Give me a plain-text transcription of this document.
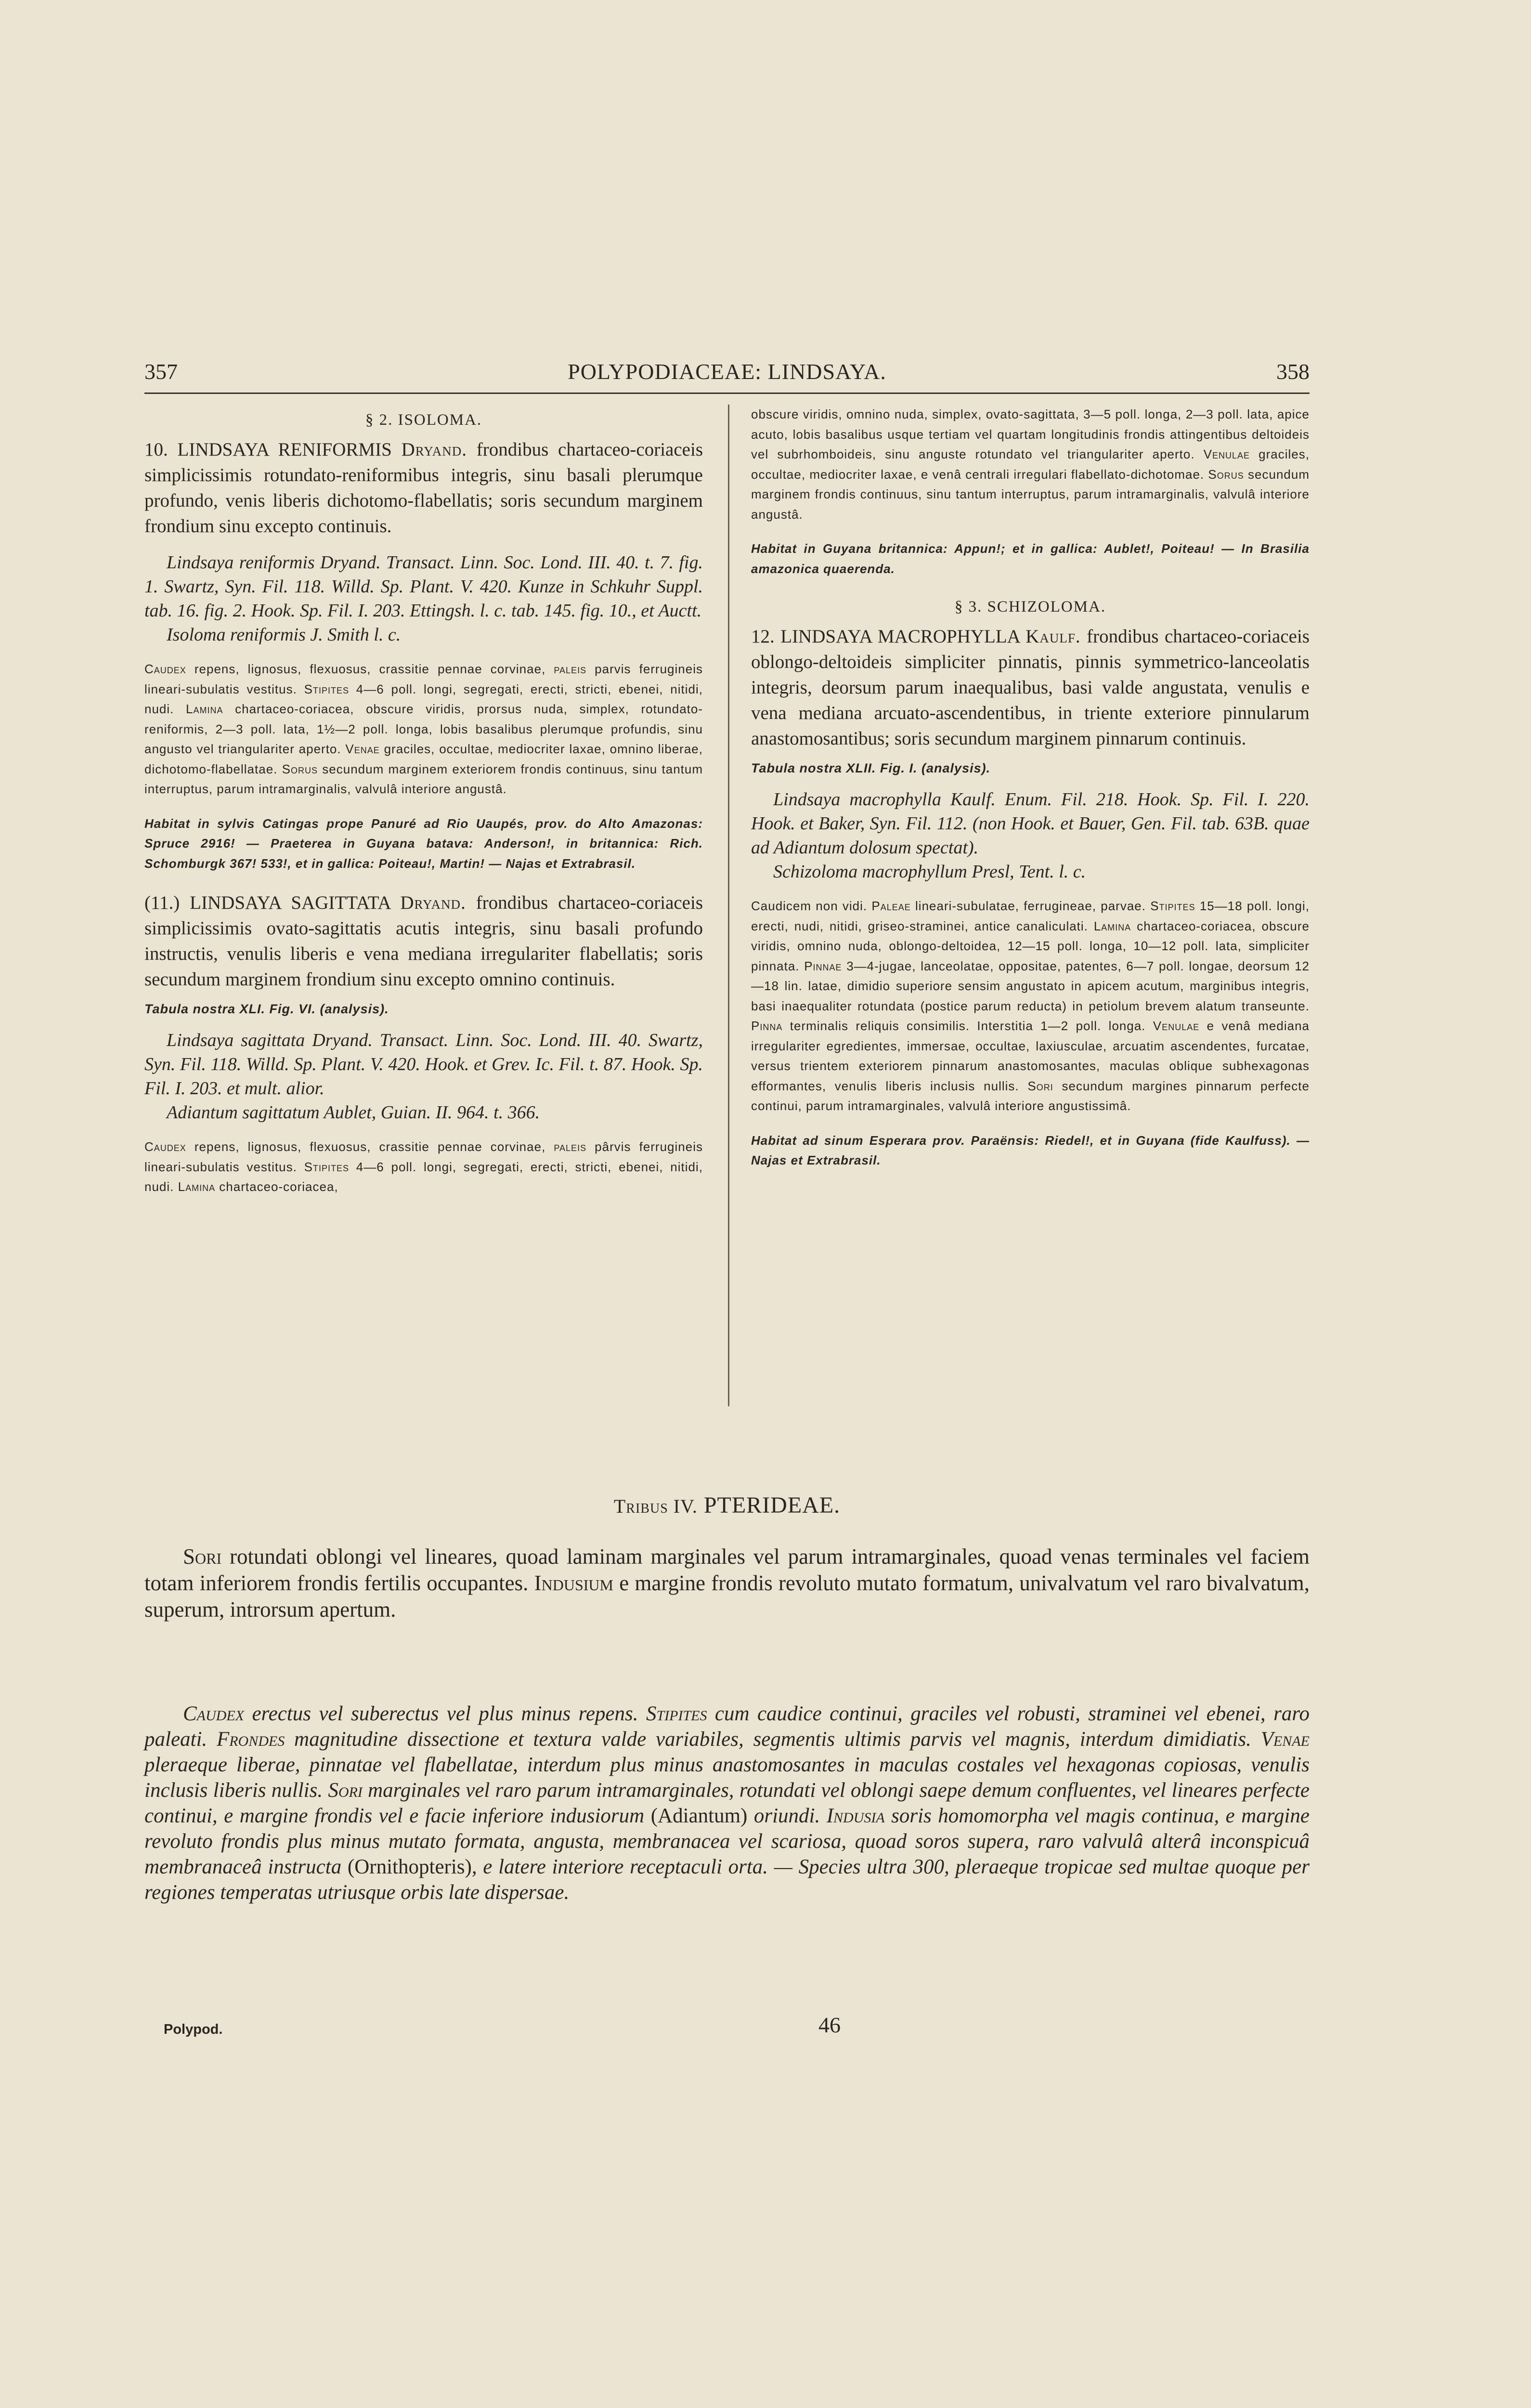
357	POLYPODIACEAE: LINDSAYA.	358
§ 2. ISOLOMA.

10. LINDSAYA RENIFORMIS Dryand. frondibus chartaceo-coriaceis simplicissimis rotundato-reniformibus integris, sinu basali plerumque profundo, venis liberis dichotomo-flabellatis; soris secundum marginem frondium sinu excepto continuis.

Lindsaya reniformis Dryand. Transact. Linn. Soc. Lond. III. 40. t. 7. fig. 1. Swartz, Syn. Fil. 118. Willd. Sp. Plant. V. 420. Kunze in Schkuhr Suppl. tab. 16. fig. 2. Hook. Sp. Fil. I. 203. Ettingsh. l. c. tab. 145. fig. 10., et Auctt.

Isoloma reniformis J. Smith l. c.

Caudex repens, lignosus, flexuosus, crassitie pennae corvinae, paleis parvis ferrugineis lineari-subulatis vestitus. Stipites 4—6 poll. longi, segregati, erecti, stricti, ebenei, nitidi, nudi. Lamina chartaceo-coriacea, obscure viridis, prorsus nuda, simplex, rotundato-reniformis, 2—3 poll. lata, 1½—2 poll. longa, lobis basalibus plerumque profundis, sinu angusto vel triangulariter aperto. Venae graciles, occultae, mediocriter laxae, omnino liberae, dichotomo-flabellatae. Sorus secundum marginem exteriorem frondis continuus, sinu tantum interruptus, parum intramarginalis, valvulâ interiore angustâ.

Habitat in sylvis Catingas prope Panuré ad Rio Uaupés, prov. do Alto Amazonas: Spruce 2916! — Praeterea in Guyana batava: Anderson!, in britannica: Rich. Schomburgk 367! 533!, et in gallica: Poiteau!, Martin! — Najas et Extrabrasil.

(11.) LINDSAYA SAGITTATA Dryand. frondibus chartaceo-coriaceis simplicissimis ovato-sagittatis acutis integris, sinu basali profundo instructis, venulis liberis e vena mediana irregulariter flabellatis; soris secundum marginem frondium sinu excepto omnino continuis.

Tabula nostra XLI. Fig. VI. (analysis).

Lindsaya sagittata Dryand. Transact. Linn. Soc. Lond. III. 40. Swartz, Syn. Fil. 118. Willd. Sp. Plant. V. 420. Hook. et Grev. Ic. Fil. t. 87. Hook. Sp. Fil. I. 203. et mult. alior.

Adiantum sagittatum Aublet, Guian. II. 964. t. 366.

Caudex repens, lignosus, flexuosus, crassitie pennae corvinae, paleis pârvis ferrugineis lineari-subulatis vestitus. Stipites 4—6 poll. longi, segregati, erecti, stricti, ebenei, nitidi, nudi. Lamina chartaceo-coriacea,

obscure viridis, omnino nuda, simplex, ovato-sagittata, 3—5 poll. longa, 2—3 poll. lata, apice acuto, lobis basalibus usque tertiam vel quartam longitudinis frondis attingentibus deltoideis vel subrhomboideis, sinu anguste rotundato vel triangulariter aperto. Venulae graciles, occultae, mediocriter laxae, e venâ centrali irregulari flabellato-dichotomae. Sorus secundum marginem frondis continuus, sinu tantum interruptus, parum intramarginalis, valvulâ interiore angustâ.

Habitat in Guyana britannica: Appun!; et in gallica: Aublet!, Poiteau! — In Brasilia amazonica quaerenda.

§ 3. SCHIZOLOMA.

12. LINDSAYA MACROPHYLLA Kaulf. frondibus chartaceo-coriaceis oblongo-deltoideis simpliciter pinnatis, pinnis symmetrico-lanceolatis integris, deorsum parum inaequalibus, basi valde angustata, venulis e vena mediana arcuato-ascendentibus, in triente exteriore pinnularum anastomosantibus; soris secundum marginem pinnarum continuis.

Tabula nostra XLII. Fig. I. (analysis).

Lindsaya macrophylla Kaulf. Enum. Fil. 218. Hook. Sp. Fil. I. 220. Hook. et Baker, Syn. Fil. 112. (non Hook. et Bauer, Gen. Fil. tab. 63B. quae ad Adiantum dolosum spectat).

Schizoloma macrophyllum Presl, Tent. l. c.

Caudicem non vidi. Paleae lineari-subulatae, ferrugineae, parvae. Stipites 15—18 poll. longi, erecti, nudi, nitidi, griseo-straminei, antice canaliculati. Lamina chartaceo-coriacea, obscure viridis, omnino nuda, oblongo-deltoidea, 12—15 poll. longa, 10—12 poll. lata, simpliciter pinnata. Pinnae 3—4-jugae, lanceolatae, oppositae, patentes, 6—7 poll. longae, deorsum 12—18 lin. latae, dimidio superiore sensim angustato in apicem acutum, marginibus integris, basi inaequaliter rotundata (postice parum reducta) in petiolum brevem alatum transeunte. Pinna terminalis reliquis consimilis. Interstitia 1—2 poll. longa. Venulae e venâ mediana irregulariter egredientes, immersae, occultae, laxiusculae, arcuatim ascendentes, furcatae, versus trientem exteriorem pinnarum anastomosantes, maculas oblique subhexagonas efformantes, venulis liberis inclusis nullis. Sori secundum margines pinnarum perfecte continui, parum intramarginales, valvulâ interiore angustissimâ.

Habitat ad sinum Esperara prov. Paraënsis: Riedel!, et in Guyana (fide Kaulfuss). — Najas et Extrabrasil.

Tribus IV. PTERIDEAE.

Sori rotundati oblongi vel lineares, quoad laminam marginales vel parum intramarginales, quoad venas terminales vel faciem totam inferiorem frondis fertilis occupantes. Indusium e margine frondis revoluto mutato formatum, univalvatum vel raro bivalvatum, superum, introrsum apertum.

Caudex erectus vel suberectus vel plus minus repens. Stipites cum caudice continui, graciles vel robusti, straminei vel ebenei, raro paleati. Frondes magnitudine dissectione et textura valde variabiles, segmentis ultimis parvis vel magnis, interdum dimidiatis. Venae pleraeque liberae, pinnatae vel flabellatae, interdum plus minus anastomosantes in maculas costales vel hexagonas copiosas, venulis inclusis liberis nullis. Sori marginales vel raro parum intramarginales, rotundati vel oblongi saepe demum confluentes, vel lineares perfecte continui, e margine frondis vel e facie inferiore indusiorum (Adiantum) oriundi. Indusia soris homomorpha vel magis continua, e margine revoluto frondis plus minus mutato formata, angusta, membranacea vel scariosa, quoad soros supera, raro valvulâ alterâ inconspicuâ membranaceâ instructa (Ornithopteris), e latere interiore receptaculi orta. — Species ultra 300, pleraeque tropicae sed multae quoque per regiones temperatas utriusque orbis late dispersae.

Polypod.	46
